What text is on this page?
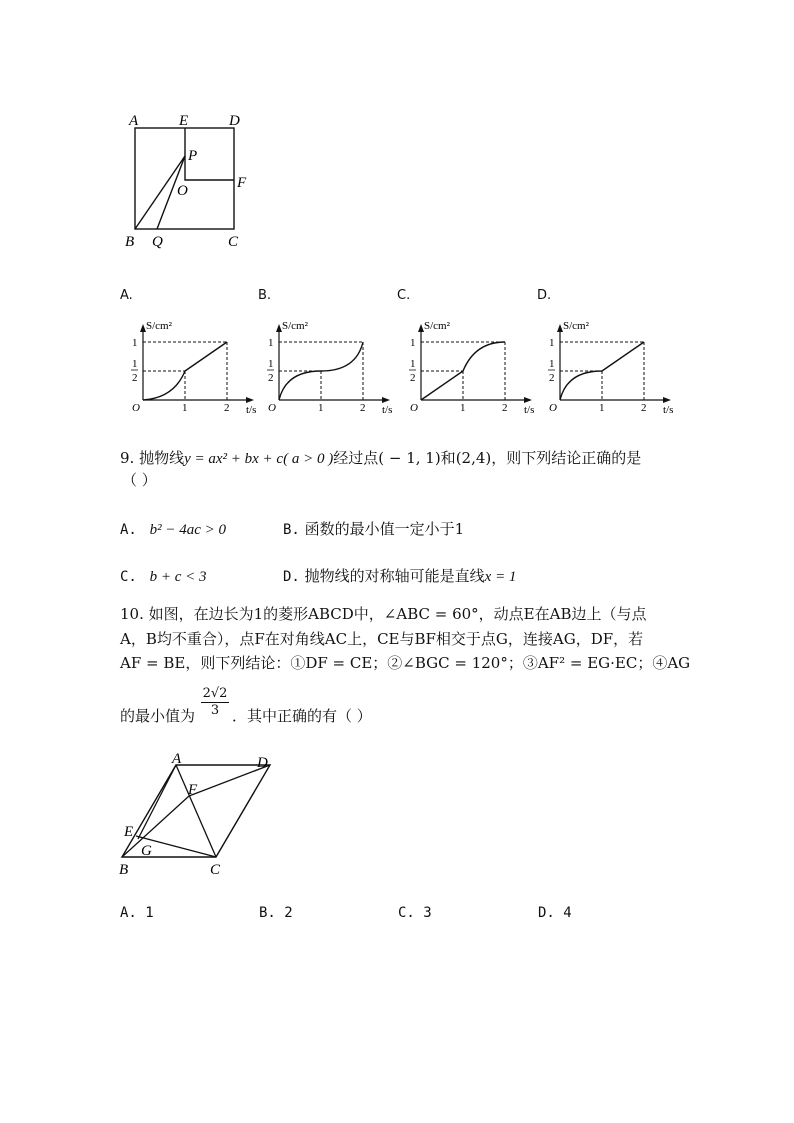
A	E	D
P
O	F
B Q	C
A.	B.	C.	D.
S/cm²
t/s
O	1	2
1
1
2
S/cm²
t/s
O	1	2
1
1
2
S/cm²
t/s
O	1	2
1
1
2
S/cm²
t/s
O	1	2
1
1
2
9. 抛物线y = ax² + bx + c( a > 0 )经过点( − 1, 1)和(2,4)，则下列结论正确的是
（ ）
A. b² − 4ac > 0	B. 函数的最小值一定小于1
C. b + c < 3	D. 抛物线的对称轴可能是直线x = 1
10. 如图，在边长为1的菱形ABCD中，∠ABC = 60°，动点E在AB边上（与点
A，B均不重合），点F在对角线AC上，CE与BF相交于点G，连接AG，DF，若
AF = BE，则下列结论：①DF = CE；②∠BGC = 120°；③AF² = EG·EC；④AG
的最小值为 $\frac{2√2}{3}$ ．其中正确的有（ ）
A	D
F
E
G
B	C
A. 1	B. 2	C. 3	D. 4
